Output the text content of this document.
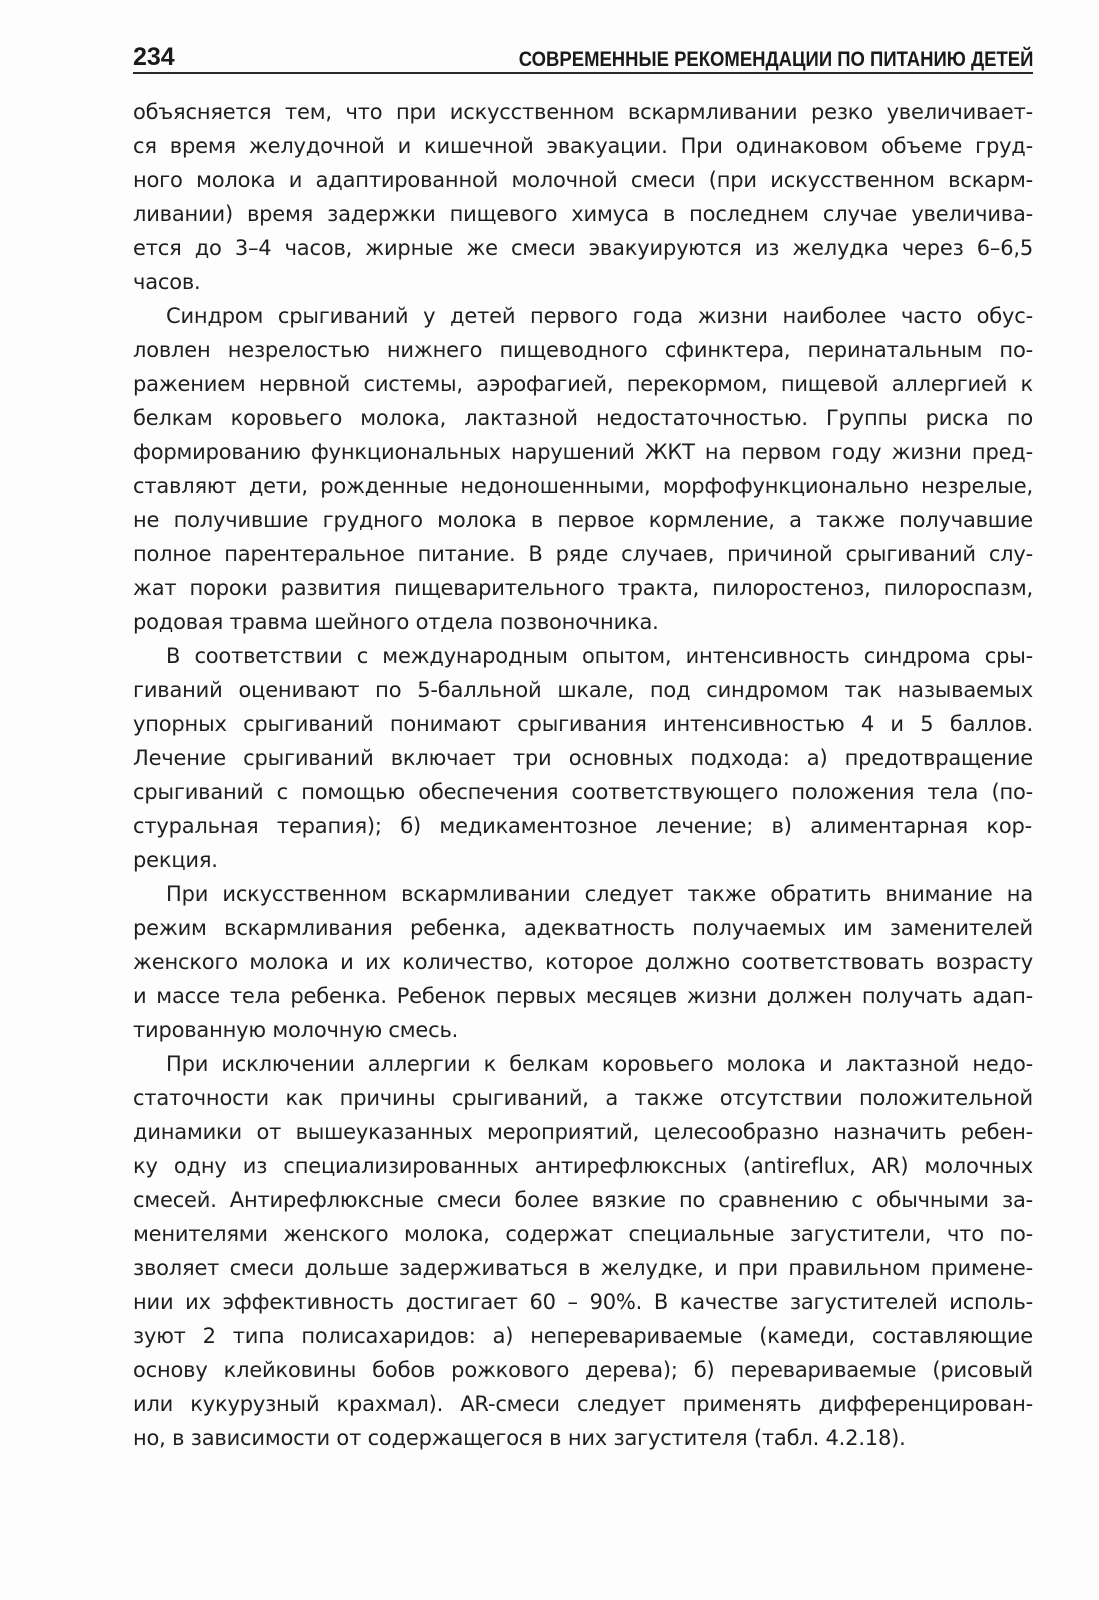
234	СОВРЕМЕННЫЕ РЕКОМЕНДАЦИИ ПО ПИТАНИЮ ДЕТЕЙ
объясняется тем, что при искусственном вскармливании резко увеличивает-
ся время желудочной и кишечной эвакуации. При одинаковом объеме груд-
ного молока и адаптированной молочной смеси (при искусственном вскарм-
ливании) время задержки пищевого химуса в последнем случае увеличива-
ется до 3–4 часов, жирные же смеси эвакуируются из желудка через 6–6,5
часов.
Синдром срыгиваний у детей первого года жизни наиболее часто обус-
ловлен незрелостью нижнего пищеводного сфинктера, перинатальным по-
ражением нервной системы, аэрофагией, перекормом, пищевой аллергией к
белкам коровьего молока, лактазной недостаточностью. Группы риска по
формированию функциональных нарушений ЖКТ на первом году жизни пред-
ставляют дети, рожденные недоношенными, морфофункционально незрелые,
не получившие грудного молока в первое кормление, а также получавшие
полное парентеральное питание. В ряде случаев, причиной срыгиваний слу-
жат пороки развития пищеварительного тракта, пилоростеноз, пилороспазм,
родовая травма шейного отдела позвоночника.
В соответствии с международным опытом, интенсивность синдрома сры-
гиваний оценивают по 5-балльной шкале, под синдромом так называемых
упорных срыгиваний понимают срыгивания интенсивностью 4 и 5 баллов.
Лечение срыгиваний включает три основных подхода: а) предотвращение
срыгиваний с помощью обеспечения соответствующего положения тела (по-
стуральная терапия); б) медикаментозное лечение; в) алиментарная кор-
рекция.
При искусственном вскармливании следует также обратить внимание на
режим вскармливания ребенка, адекватность получаемых им заменителей
женского молока и их количество, которое должно соответствовать возрасту
и массе тела ребенка. Ребенок первых месяцев жизни должен получать адап-
тированную молочную смесь.
При исключении аллергии к белкам коровьего молока и лактазной недо-
статочности как причины срыгиваний, а также отсутствии положительной
динамики от вышеуказанных мероприятий, целесообразно назначить ребен-
ку одну из специализированных антирефлюксных (antireflux, AR) молочных
смесей. Антирефлюксные смеси более вязкие по сравнению с обычными за-
менителями женского молока, содержат специальные загустители, что по-
зволяет смеси дольше задерживаться в желудке, и при правильном примене-
нии их эффективность достигает 60 – 90%. В качестве загустителей исполь-
зуют 2 типа полисахаридов: а) неперевариваемые (камеди, составляющие
основу клейковины бобов рожкового дерева); б) перевариваемые (рисовый
или кукурузный крахмал). AR-смеси следует применять дифференцирован-
но, в зависимости от содержащегося в них загустителя (табл. 4.2.18).
